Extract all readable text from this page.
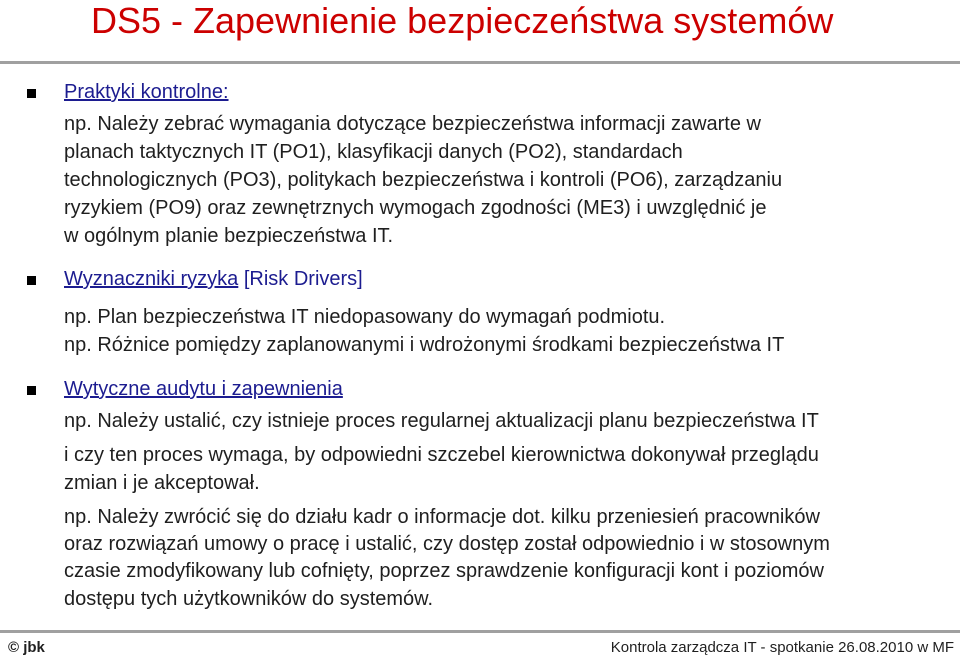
DS5 - Zapewnienie bezpieczeństwa systemów
Praktyki kontrolne:
np. Należy zebrać wymagania dotyczące bezpieczeństwa informacji zawarte w
planach taktycznych IT (PO1), klasyfikacji danych (PO2), standardach
technologicznych (PO3), politykach bezpieczeństwa i kontroli (PO6), zarządzaniu
ryzykiem (PO9) oraz zewnętrznych wymogach zgodności (ME3) i uwzględnić je
w ogólnym planie bezpieczeństwa IT.
Wyznaczniki ryzyka [Risk Drivers]
np. Plan bezpieczeństwa IT niedopasowany do wymagań podmiotu.
np. Różnice pomiędzy zaplanowanymi i wdrożonymi środkami bezpieczeństwa IT
Wytyczne audytu i zapewnienia
np. Należy ustalić, czy istnieje proces regularnej aktualizacji planu bezpieczeństwa IT
i czy ten proces wymaga, by odpowiedni szczebel kierownictwa dokonywał przeglądu
zmian i je akceptował.
np. Należy zwrócić się do działu kadr o informacje dot. kilku przeniesień pracowników
oraz rozwiązań umowy o pracę i ustalić, czy dostęp został odpowiednio i w stosownym
czasie zmodyfikowany lub cofnięty, poprzez sprawdzenie konfiguracji kont i poziomów
dostępu tych użytkowników do systemów.
© jbk	Kontrola zarządcza IT - spotkanie 26.08.2010 w MF
